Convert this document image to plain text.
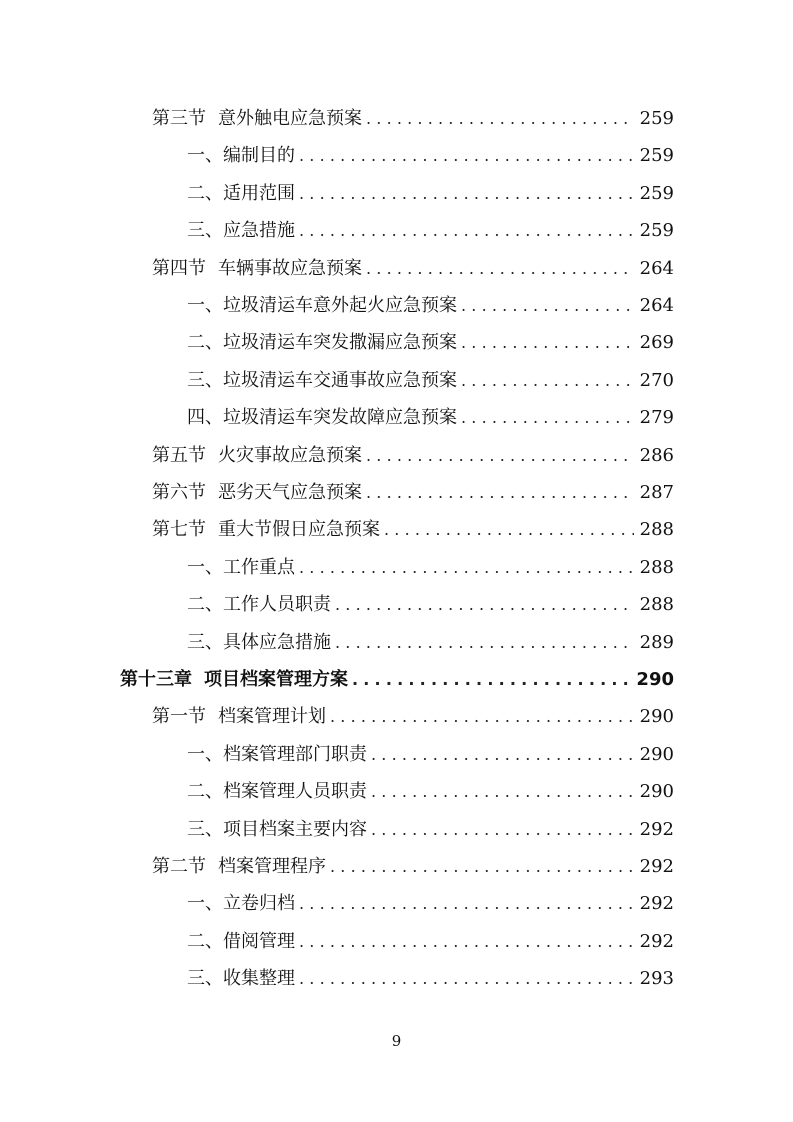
第三节 意外触电应急预案 .....	259
一、 编制目的 .....	259
二、 适用范围 .....	259
三、 应急措施 .....	259
第四节 车辆事故应急预案 .....	264
一、 垃圾清运车意外起火应急预案 .....	264
二、 垃圾清运车突发撒漏应急预案 .....	269
三、 垃圾清运车交通事故应急预案 .....	270
四、 垃圾清运车突发故障应急预案 .....	279
第五节 火灾事故应急预案 .....	286
第六节 恶劣天气应急预案 .....	287
第七节 重大节假日应急预案 .....	288
一、 工作重点 .....	288
二、 工作人员职责 .....	288
三、 具体应急措施 .....	289
第十三章 项目档案管理方案 .....	290
第一节 档案管理计划 .....	290
一、 档案管理部门职责 .....	290
二、 档案管理人员职责 .....	290
三、 项目档案主要内容 .....	292
第二节 档案管理程序 .....	292
一、 立卷归档 .....	292
二、 借阅管理 .....	292
三、 收集整理 .....	293
9
